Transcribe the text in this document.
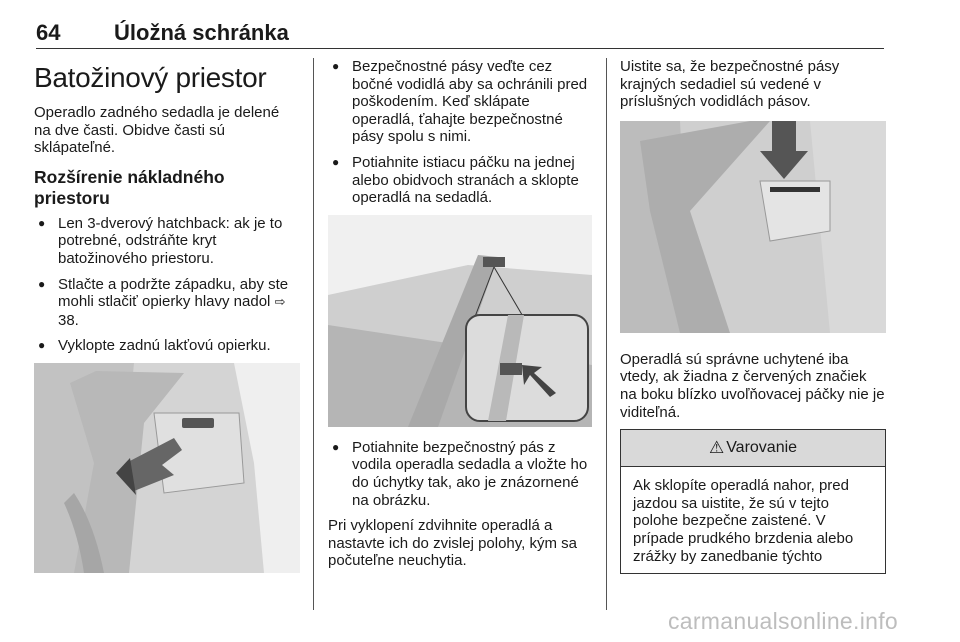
64 Úložná schránka
Batožinový priestor

Operadlo zadného sedadla je delené na dve časti. Obidve časti sú sklápateľné.

Rozšírenie nákladného priestoru
● Len 3-dverový hatchback: ak je to potrebné, odstráňte kryt batožinového priestoru.
● Stlačte a podržte západku, aby ste mohli stlačiť opierky hlavy nadol ⇨ 38.
● Vyklopte zadnú lakťovú opierku.
● Bezpečnostné pásy veďte cez bočné vodidlá aby sa ochránili pred poškodením. Keď sklápate operadlá, ťahajte bezpečnostné pásy spolu s nimi.
● Potiahnite istiacu páčku na jednej alebo obidvoch stranách a sklopte operadlá na sedadlá.
● Potiahnite bezpečnostný pás z vodila operadla sedadla a vložte ho do úchytky tak, ako je znázornené na obrázku.

Pri vyklopení zdvihnite operadlá a nastavte ich do zvislej polohy, kým sa počuteľne neuchytia.

Uistite sa, že bezpečnostné pásy krajných sedadiel sú vedené v príslušných vodidlách pásov.

Operadlá sú správne uchytené iba vtedy, ak žiadna z červených značiek na boku blízko uvoľňovacej páčky nie je viditeľná.

⚠ Varovanie

Ak sklopíte operadlá nahor, pred jazdou sa uistite, že sú v tejto polohe bezpečne zaistené. V prípade prudkého brzdenia alebo zrážky by zanedbanie týchto

carmanualsonline.info
